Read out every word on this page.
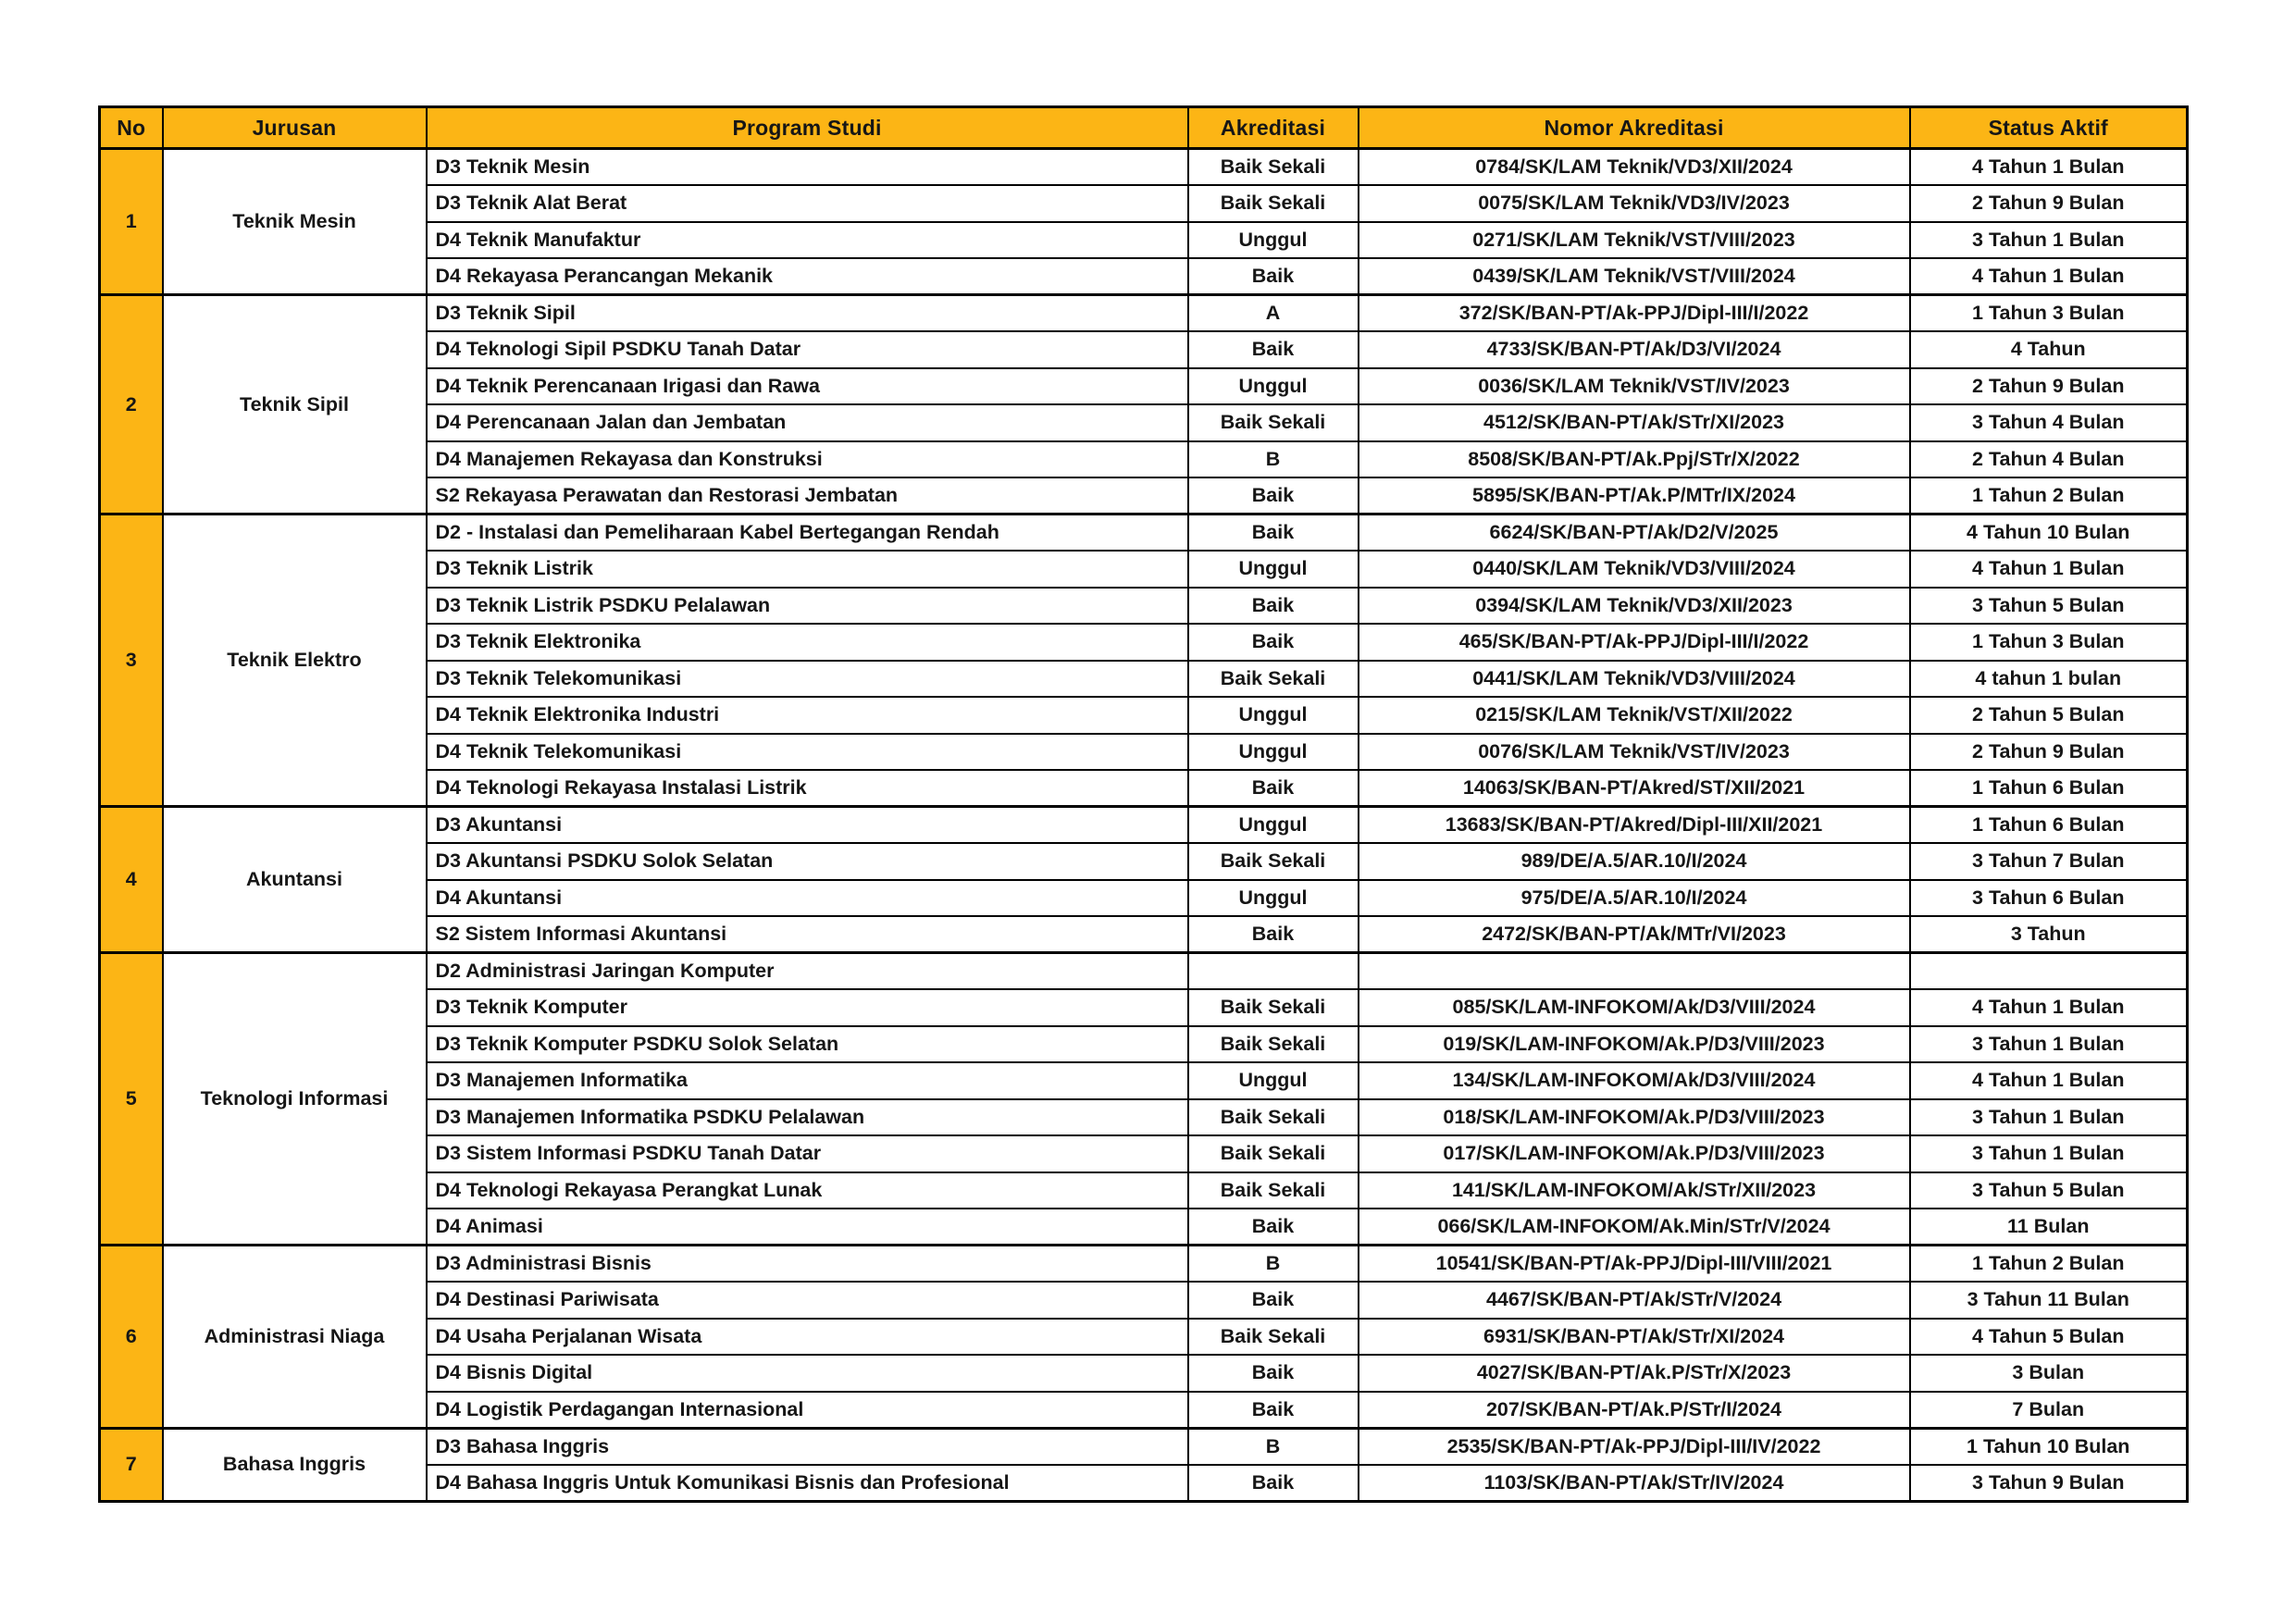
No	Jurusan	Program Studi	Akreditasi	Nomor Akreditasi	Status Aktif
1	Teknik Mesin	D3 Teknik Mesin	Baik Sekali	0784/SK/LAM Teknik/VD3/XII/2024	4 Tahun 1 Bulan
		D3 Teknik Alat Berat	Baik Sekali	0075/SK/LAM Teknik/VD3/IV/2023	2 Tahun 9 Bulan
		D4 Teknik Manufaktur	Unggul	0271/SK/LAM Teknik/VST/VIII/2023	3 Tahun 1 Bulan
		D4 Rekayasa Perancangan Mekanik	Baik	0439/SK/LAM Teknik/VST/VIII/2024	4 Tahun 1 Bulan
2	Teknik Sipil	D3 Teknik Sipil	A	372/SK/BAN-PT/Ak-PPJ/Dipl-III/I/2022	1 Tahun 3 Bulan
		D4 Teknologi Sipil PSDKU Tanah Datar	Baik	4733/SK/BAN-PT/Ak/D3/VI/2024	4 Tahun
		D4 Teknik Perencanaan Irigasi dan Rawa	Unggul	0036/SK/LAM Teknik/VST/IV/2023	2 Tahun 9 Bulan
		D4 Perencanaan Jalan dan Jembatan	Baik Sekali	4512/SK/BAN-PT/Ak/STr/XI/2023	3 Tahun 4 Bulan
		D4 Manajemen Rekayasa dan Konstruksi	B	8508/SK/BAN-PT/Ak.Ppj/STr/X/2022	2 Tahun 4 Bulan
		S2 Rekayasa Perawatan dan Restorasi Jembatan	Baik	5895/SK/BAN-PT/Ak.P/MTr/IX/2024	1 Tahun 2 Bulan
3	Teknik Elektro	D2 - Instalasi dan Pemeliharaan Kabel Bertegangan Rendah	Baik	6624/SK/BAN-PT/Ak/D2/V/2025	4 Tahun 10 Bulan
		D3 Teknik Listrik	Unggul	0440/SK/LAM Teknik/VD3/VIII/2024	4 Tahun 1 Bulan
		D3 Teknik Listrik PSDKU Pelalawan	Baik	0394/SK/LAM Teknik/VD3/XII/2023	3 Tahun 5 Bulan
		D3 Teknik Elektronika	Baik	465/SK/BAN-PT/Ak-PPJ/Dipl-III/I/2022	1 Tahun 3 Bulan
		D3 Teknik Telekomunikasi	Baik Sekali	0441/SK/LAM Teknik/VD3/VIII/2024	4 tahun 1 bulan
		D4 Teknik Elektronika Industri	Unggul	0215/SK/LAM Teknik/VST/XII/2022	2 Tahun 5 Bulan
		D4 Teknik Telekomunikasi	Unggul	0076/SK/LAM Teknik/VST/IV/2023	2 Tahun 9 Bulan
		D4 Teknologi Rekayasa Instalasi Listrik	Baik	14063/SK/BAN-PT/Akred/ST/XII/2021	1 Tahun 6 Bulan
4	Akuntansi	D3 Akuntansi	Unggul	13683/SK/BAN-PT/Akred/Dipl-III/XII/2021	1 Tahun 6 Bulan
		D3 Akuntansi PSDKU Solok Selatan	Baik Sekali	989/DE/A.5/AR.10/I/2024	3 Tahun 7 Bulan
		D4 Akuntansi	Unggul	975/DE/A.5/AR.10/I/2024	3 Tahun 6 Bulan
		S2 Sistem Informasi Akuntansi	Baik	2472/SK/BAN-PT/Ak/MTr/VI/2023	3 Tahun
5	Teknologi Informasi	D2 Administrasi Jaringan Komputer			
		D3 Teknik Komputer	Baik Sekali	085/SK/LAM-INFOKOM/Ak/D3/VIII/2024	4 Tahun 1 Bulan
		D3 Teknik Komputer PSDKU Solok Selatan	Baik Sekali	019/SK/LAM-INFOKOM/Ak.P/D3/VIII/2023	3 Tahun 1 Bulan
		D3 Manajemen Informatika	Unggul	134/SK/LAM-INFOKOM/Ak/D3/VIII/2024	4 Tahun 1 Bulan
		D3 Manajemen Informatika PSDKU Pelalawan	Baik Sekali	018/SK/LAM-INFOKOM/Ak.P/D3/VIII/2023	3 Tahun 1 Bulan
		D3 Sistem Informasi PSDKU Tanah Datar	Baik Sekali	017/SK/LAM-INFOKOM/Ak.P/D3/VIII/2023	3 Tahun 1 Bulan
		D4 Teknologi Rekayasa Perangkat Lunak	Baik Sekali	141/SK/LAM-INFOKOM/Ak/STr/XII/2023	3 Tahun 5 Bulan
		D4 Animasi	Baik	066/SK/LAM-INFOKOM/Ak.Min/STr/V/2024	11 Bulan
6	Administrasi Niaga	D3 Administrasi Bisnis	B	10541/SK/BAN-PT/Ak-PPJ/Dipl-III/VIII/2021	1 Tahun 2 Bulan
		D4 Destinasi Pariwisata	Baik	4467/SK/BAN-PT/Ak/STr/V/2024	3 Tahun 11 Bulan
		D4 Usaha Perjalanan Wisata	Baik Sekali	6931/SK/BAN-PT/Ak/STr/XI/2024	4 Tahun 5 Bulan
		D4 Bisnis Digital	Baik	4027/SK/BAN-PT/Ak.P/STr/X/2023	3 Bulan
		D4 Logistik Perdagangan Internasional	Baik	207/SK/BAN-PT/Ak.P/STr/I/2024	7 Bulan
7	Bahasa Inggris	D3 Bahasa Inggris	B	2535/SK/BAN-PT/Ak-PPJ/Dipl-III/IV/2022	1 Tahun 10 Bulan
		D4 Bahasa Inggris Untuk Komunikasi Bisnis dan Profesional	Baik	1103/SK/BAN-PT/Ak/STr/IV/2024	3 Tahun 9 Bulan
